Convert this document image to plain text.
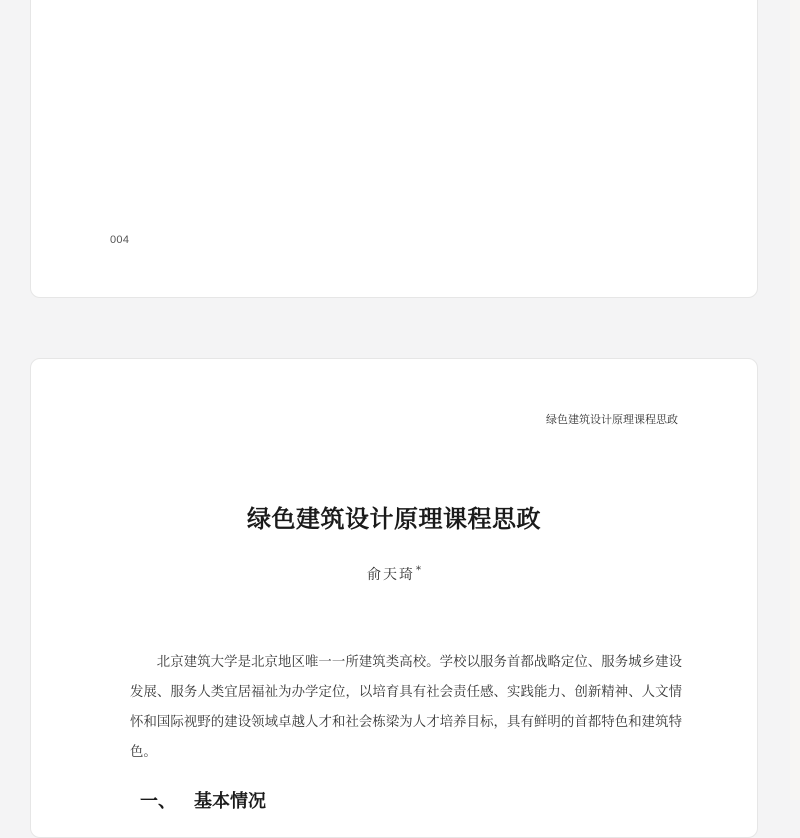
004
绿色建筑设计原理课程思政
绿色建筑设计原理课程思政
俞天琦*

北京建筑大学是北京地区唯一一所建筑类高校。学校以服务首都战略定位、服务城乡建设发展、服务人类宜居福祉为办学定位，以培育具有社会责任感、实践能力、创新精神、人文情怀和国际视野的建设领域卓越人才和社会栋梁为人才培养目标，具有鲜明的首都特色和建筑特色。

一、 基本情况
